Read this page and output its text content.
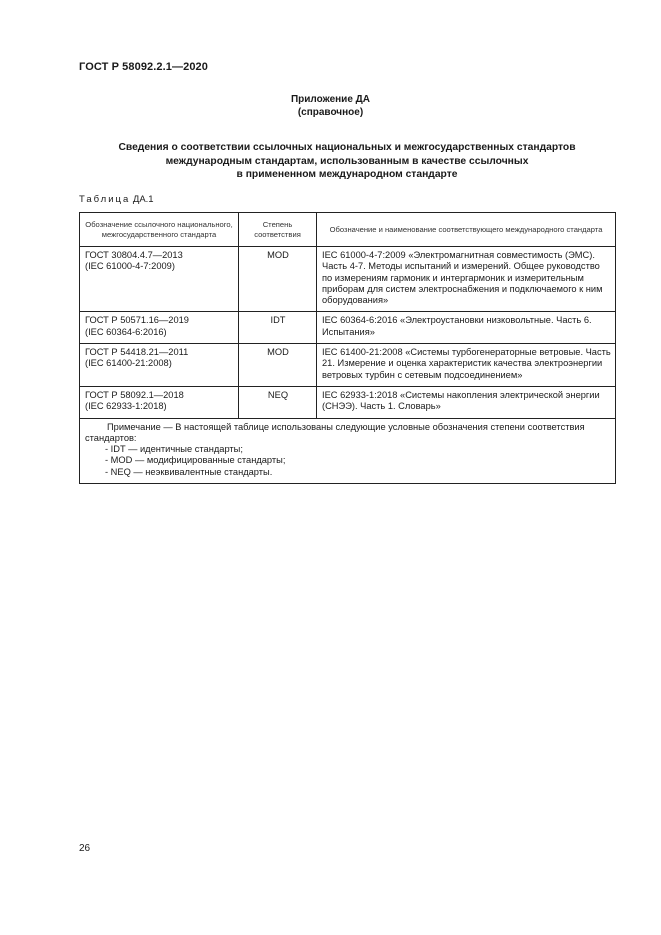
ГОСТ Р 58092.2.1—2020
Приложение ДА
(справочное)
Сведения о соответствии ссылочных национальных и межгосударственных стандартов
международным стандартам, использованным в качестве ссылочных
в примененном международном стандарте
Таблица ДА.1
Обозначение ссылочного национального, межгосударственного стандарта	Степень соответствия	Обозначение и наименование соответствующего международного стандарта

ГОСТ 30804.4.7—2013
(IEC 61000-4-7:2009)	MOD	IEC 61000-4-7:2009 «Электромагнитная совместимость (ЭМС). Часть 4-7. Методы испытаний и измерений. Общее руководство по измерениям гармоник и интергармоник и измерительным приборам для систем электроснабжения и подключаемого к ним оборудования»

ГОСТ Р 50571.16—2019
(IEC 60364-6:2016)	IDT	IEC 60364-6:2016 «Электроустановки низковольтные. Часть 6. Испытания»

ГОСТ Р 54418.21—2011
(IEC 61400-21:2008)	MOD	IEC 61400-21:2008 «Системы турбогенераторные ветровые. Часть 21. Измерение и оценка характеристик качества электроэнергии ветровых турбин с сетевым подсоединением»

ГОСТ Р 58092.1—2018
(IEC 62933-1:2018)	NEQ	IEC 62933-1:2018 «Системы накопления электрической энергии (СНЭЭ). Часть 1. Словарь»

Примечание — В настоящей таблице использованы следующие условные обозначения степени соответствия стандартов:

- IDT — идентичные стандарты;

- MOD — модифицированные стандарты;

- NEQ — неэквивалентные стандарты.		

26
